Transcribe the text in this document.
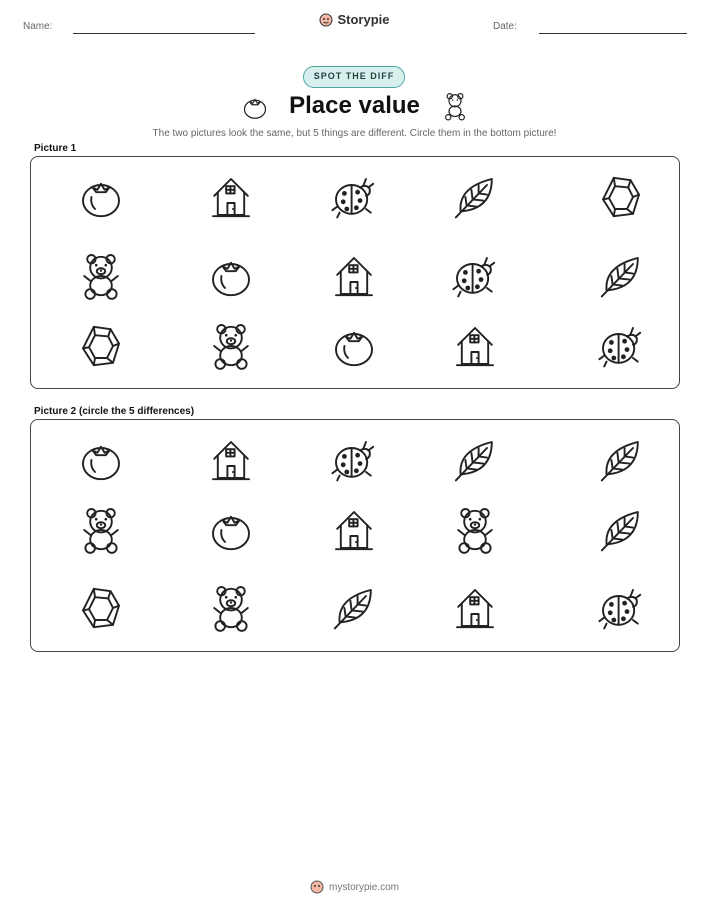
Name:	Storypie	Date:
SPOT THE DIFF
Place value
The two pictures look the same, but 5 things are different. Circle them in the bottom picture!
Picture 1
Picture 2 (circle the 5 differences)
mystorypie.com
